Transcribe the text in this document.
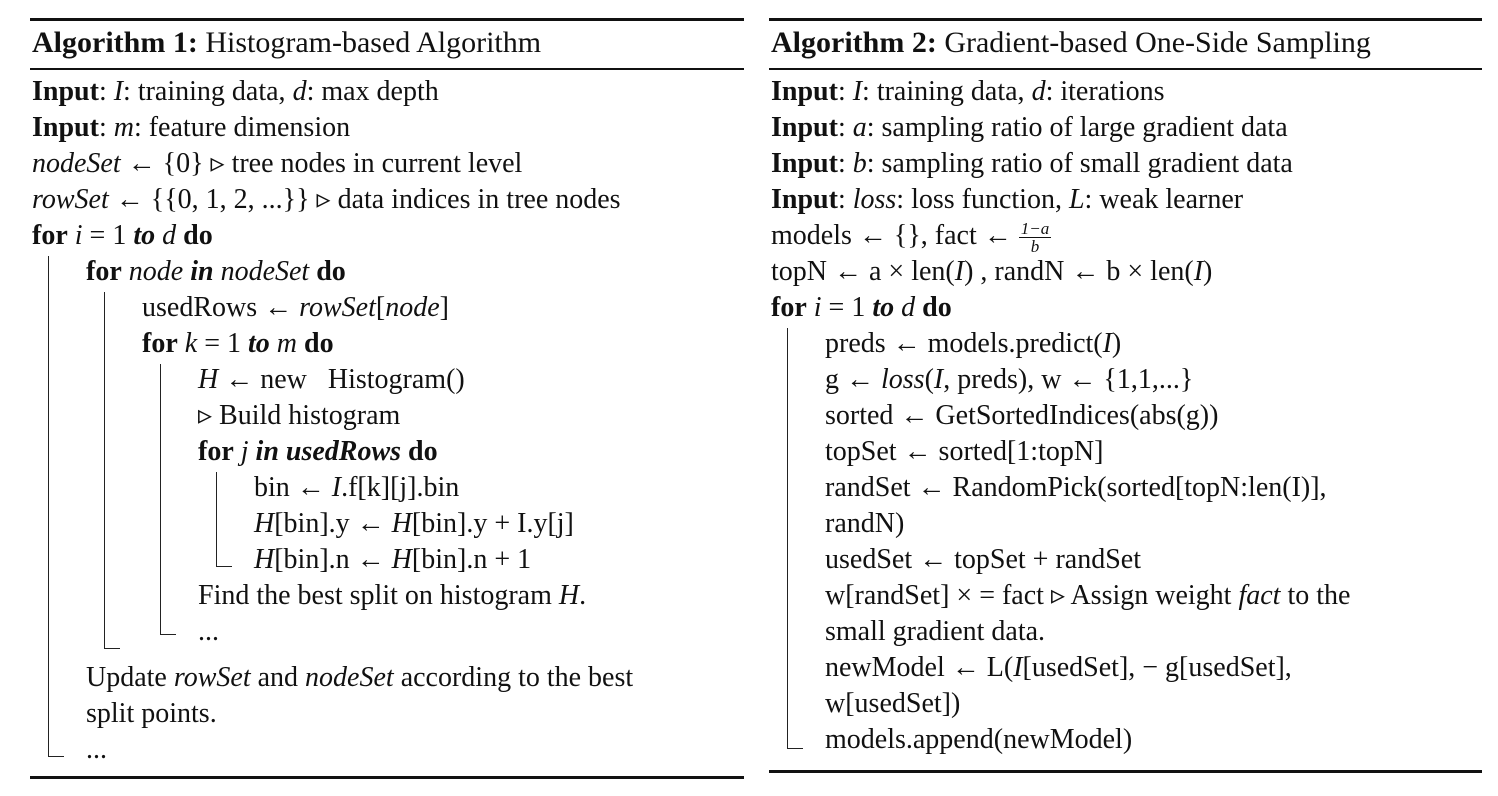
Algorithm 1: Histogram-based Algorithm
Input: I: training data, d: max depth
Input: m: feature dimension
nodeSet ← {0} ▹ tree nodes in current level
rowSet ← {{0, 1, 2, ...}} ▹ data indices in tree nodes
for i = 1 to d do
for node in nodeSet do
usedRows ← rowSet[node]
for k = 1 to m do
H ← new   Histogram()
▹ Build histogram
for j in usedRows do
bin ← I.f[k][j].bin
H[bin].y ← H[bin].y + I.y[j]
H[bin].n ← H[bin].n + 1
Find the best split on histogram H.
...
Update rowSet and nodeSet according to the best
split points.
...
Algorithm 2: Gradient-based One-Side Sampling
Input: I: training data, d: iterations
Input: a: sampling ratio of large gradient data
Input: b: sampling ratio of small gradient data
Input: loss: loss function, L: weak learner
models ← {}, fact ← $\frac{1-a}{b}$
topN ← a × len(I) , randN ← b × len(I)
for i = 1 to d do
preds ← models.predict(I)
g ← loss(I, preds), w ← {1,1,...}
sorted ← GetSortedIndices(abs(g))
topSet ← sorted[1:topN]
randSet ← RandomPick(sorted[topN:len(I)],
randN)
usedSet ← topSet + randSet
w[randSet] × = fact ▹ Assign weight fact to the
small gradient data.
newModel ← L(I[usedSet], − g[usedSet],
w[usedSet])
models.append(newModel)
